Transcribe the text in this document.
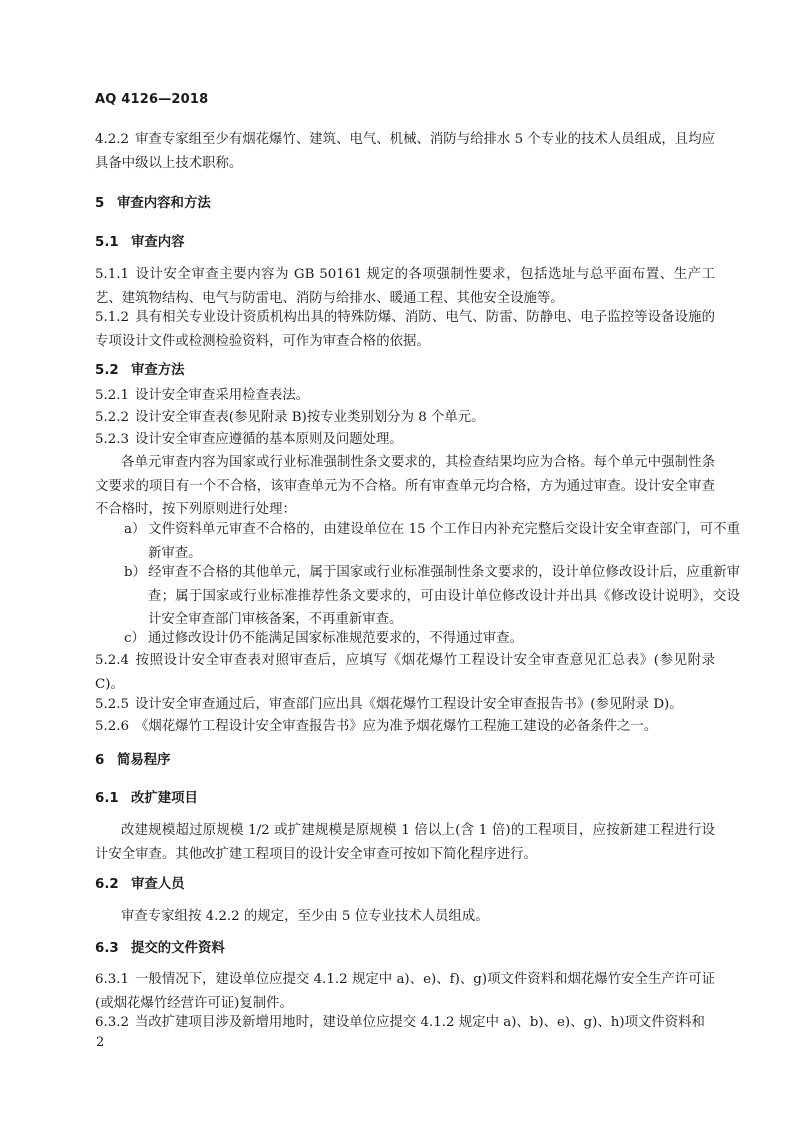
AQ 4126—2018
4.2.2 审查专家组至少有烟花爆竹、建筑、电气、机械、消防与给排水 5 个专业的技术人员组成，且均应具备中级以上技术职称。
5 审查内容和方法
5.1 审查内容
5.1.1 设计安全审查主要内容为 GB 50161 规定的各项强制性要求，包括选址与总平面布置、生产工艺、建筑物结构、电气与防雷电、消防与给排水、暖通工程、其他安全设施等。
5.1.2 具有相关专业设计资质机构出具的特殊防爆、消防、电气、防雷、防静电、电子监控等设备设施的专项设计文件或检测检验资料，可作为审查合格的依据。
5.2 审查方法
5.2.1 设计安全审查采用检查表法。
5.2.2 设计安全审查表(参见附录 B)按专业类别划分为 8 个单元。
5.2.3 设计安全审查应遵循的基本原则及问题处理。
各单元审查内容为国家或行业标准强制性条文要求的，其检查结果均应为合格。每个单元中强制性条文要求的项目有一个不合格，该审查单元为不合格。所有审查单元均合格，方为通过审查。设计安全审查不合格时，按下列原则进行处理：
a） 文件资料单元审查不合格的，由建设单位在 15 个工作日内补充完整后交设计安全审查部门，可不重新审查。
b） 经审查不合格的其他单元，属于国家或行业标准强制性条文要求的，设计单位修改设计后，应重新审查；属于国家或行业标准推荐性条文要求的，可由设计单位修改设计并出具《修改设计说明》，交设计安全审查部门审核备案，不再重新审查。
c） 通过修改设计仍不能满足国家标准规范要求的，不得通过审查。
5.2.4 按照设计安全审查表对照审查后，应填写《烟花爆竹工程设计安全审查意见汇总表》(参见附录C)。
5.2.5 设计安全审查通过后，审查部门应出具《烟花爆竹工程设计安全审查报告书》(参见附录 D)。
5.2.6 《烟花爆竹工程设计安全审查报告书》应为准予烟花爆竹工程施工建设的必备条件之一。
6 简易程序
6.1 改扩建项目
改建规模超过原规模 1/2 或扩建规模是原规模 1 倍以上(含 1 倍)的工程项目，应按新建工程进行设计安全审查。其他改扩建工程项目的设计安全审查可按如下简化程序进行。
6.2 审查人员
审查专家组按 4.2.2 的规定，至少由 5 位专业技术人员组成。
6.3 提交的文件资料
6.3.1 一般情况下，建设单位应提交 4.1.2 规定中 a)、e)、f)、g)项文件资料和烟花爆竹安全生产许可证(或烟花爆竹经营许可证)复制件。
6.3.2 当改扩建项目涉及新增用地时，建设单位应提交 4.1.2 规定中 a)、b)、e)、g)、h)项文件资料和
2
